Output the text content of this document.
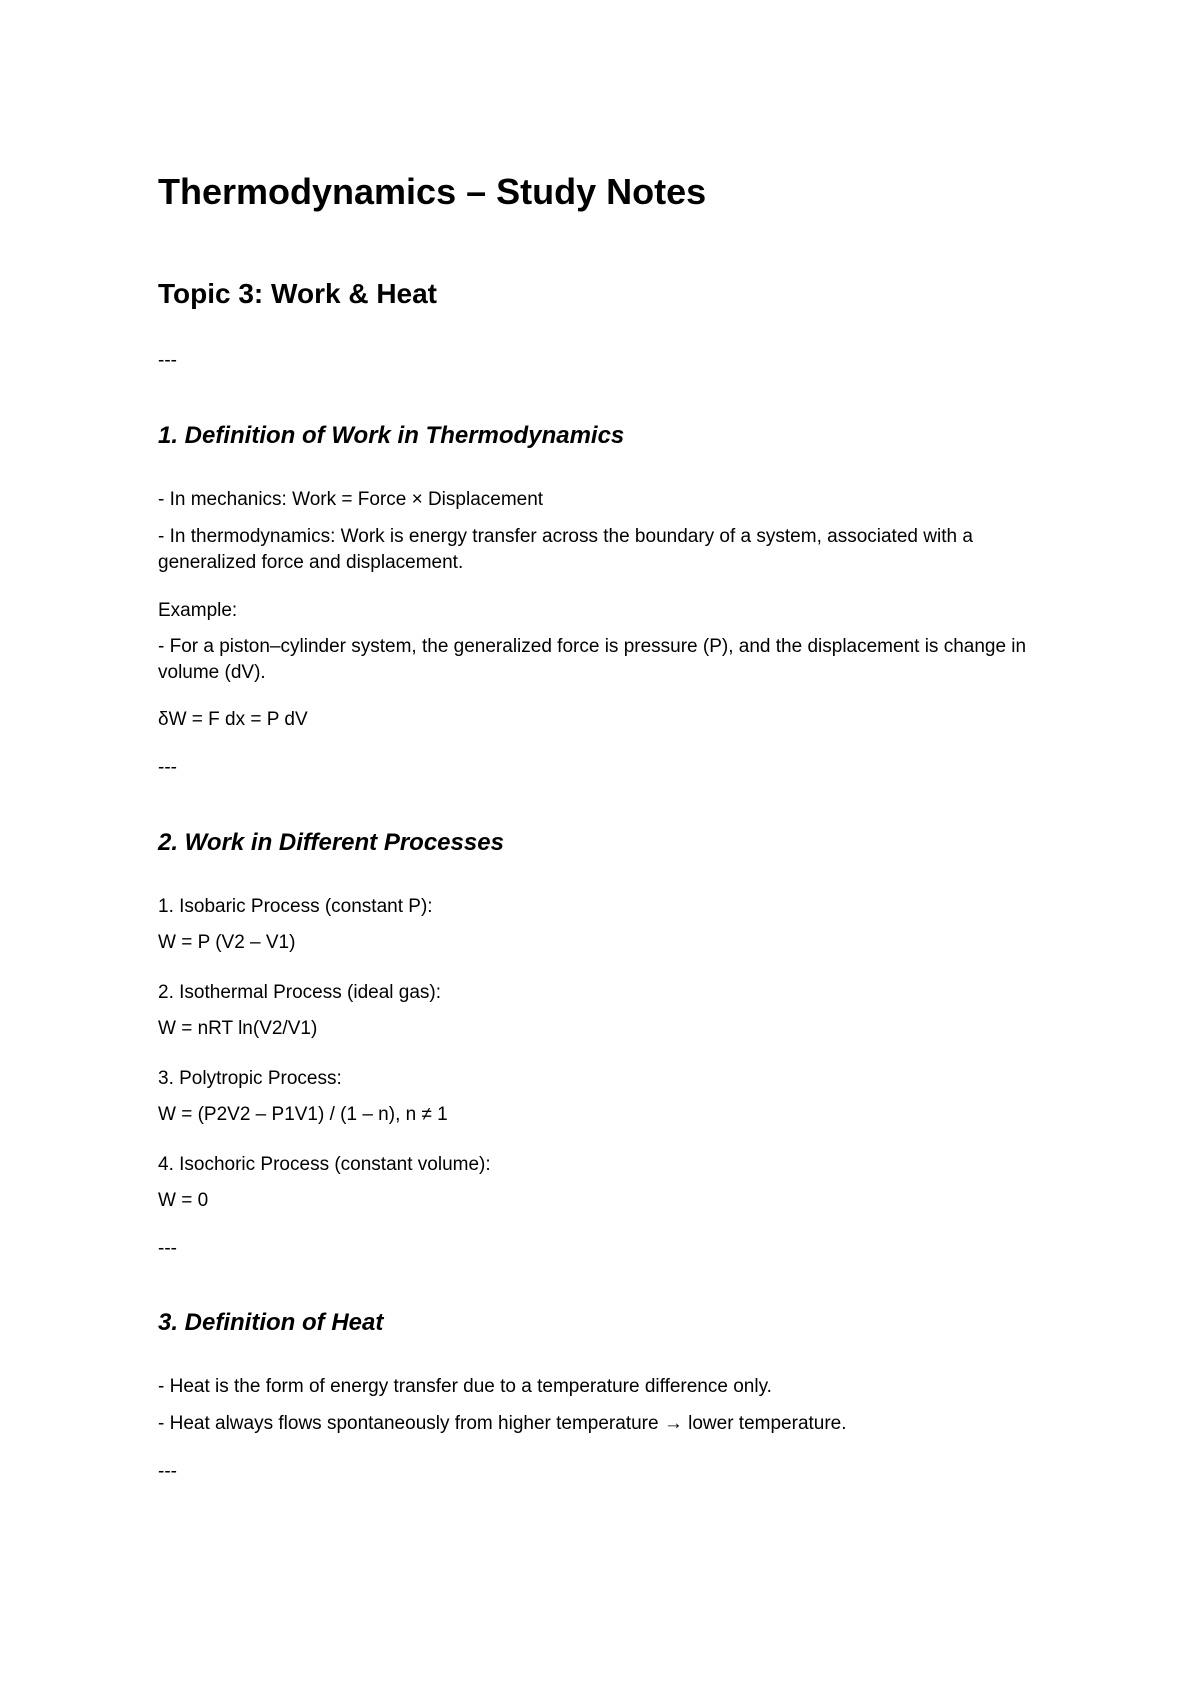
Thermodynamics – Study Notes
Topic 3: Work & Heat
---
1. Definition of Work in Thermodynamics

- In mechanics: Work = Force × Displacement

- In thermodynamics: Work is energy transfer across the boundary of a system, associated with a generalized force and displacement.

Example:

- For a piston–cylinder system, the generalized force is pressure (P), and the displacement is change in volume (dV).

δW = F dx = P dV

---
2. Work in Different Processes

1. Isobaric Process (constant P):

W = P (V2 – V1)

2. Isothermal Process (ideal gas):

W = nRT ln(V2/V1)

3. Polytropic Process:

W = (P2V2 – P1V1) / (1 – n), n ≠ 1

4. Isochoric Process (constant volume):

W = 0

---
3. Definition of Heat

- Heat is the form of energy transfer due to a temperature difference only.

- Heat always flows spontaneously from higher temperature → lower temperature.

---
